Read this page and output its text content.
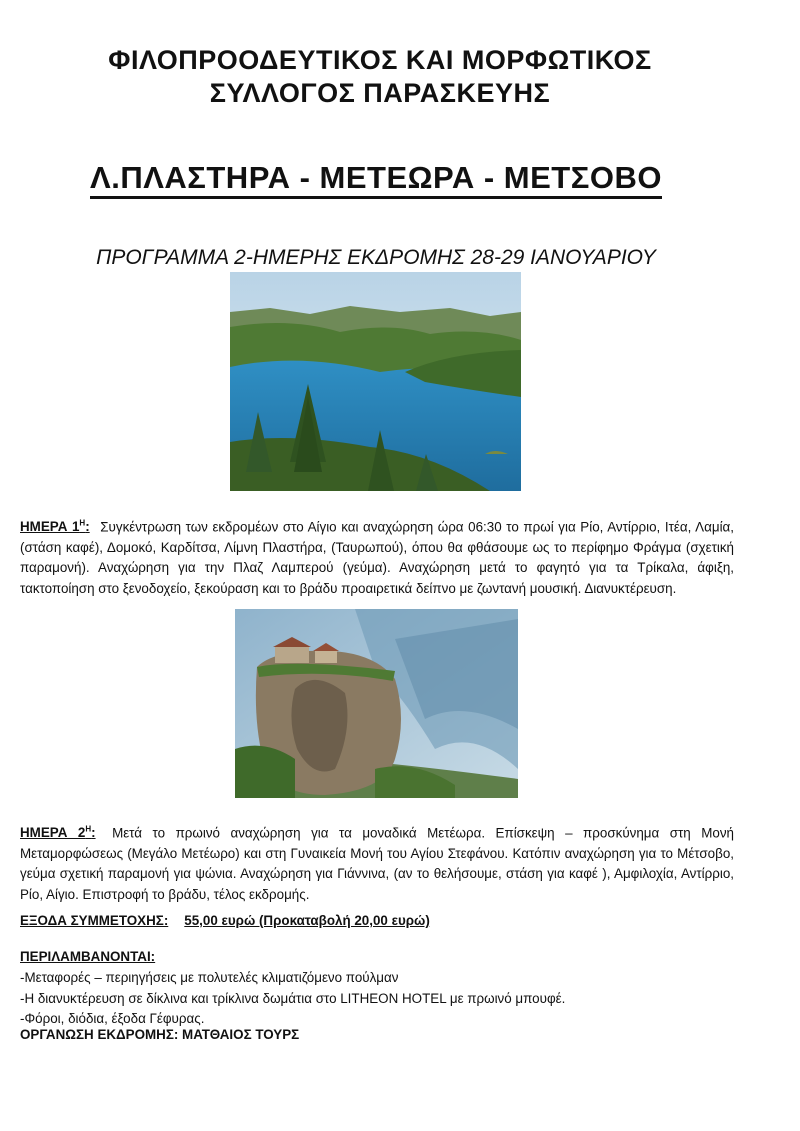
ΦΙΛΟΠΡΟΟΔΕΥΤΙΚΟΣ ΚΑΙ ΜΟΡΦΩΤΙΚΟΣ
ΣΥΛΛΟΓΟΣ ΠΑΡΑΣΚΕΥΗΣ
Λ.ΠΛΑΣΤΗΡΑ - ΜΕΤΕΩΡΑ - ΜΕΤΣΟΒΟ
ΠΡΟΓΡΑΜΜΑ 2-ΗΜΕΡΗΣ ΕΚΔΡΟΜΗΣ 28-29 ΙΑΝΟΥΑΡΙΟΥ
ΗΜΕΡΑ $1^H$: Συγκέντρωση των εκδρομέων στο Αίγιο και αναχώρηση ώρα 06:30 το πρωί για Ρίο, Αντίρριο, Ιτέα, Λαμία, (στάση καφέ), Δομοκό, Καρδίτσα, Λίμνη Πλαστήρα, (Ταυρωπού), όπου θα φθάσουμε ως το περίφημο Φράγμα (σχετική παραμονή). Αναχώρηση για την Πλαζ Λαμπερού (γεύμα). Αναχώρηση μετά το φαγητό για τα Τρίκαλα, άφιξη, τακτοποίηση στο ξενοδοχείο, ξεκούραση και το βράδυ προαιρετικά δείπνο με ζωντανή μουσική. Διανυκτέρευση.
ΗΜΕΡΑ $2^H$: Μετά το πρωινό αναχώρηση για τα μοναδικά Μετέωρα. Επίσκεψη – προσκύνημα στη Μονή Μεταμορφώσεως (Μεγάλο Μετέωρο) και στη Γυναικεία Μονή του Αγίου Στεφάνου. Κατόπιν αναχώρηση για το Μέτσοβο, γεύμα σχετική παραμονή για ψώνια. Αναχώρηση για Γιάννινα, (αν το θελήσουμε, στάση για καφέ ), Αμφιλοχία, Αντίρριο, Ρίο, Αίγιο. Επιστροφή το βράδυ, τέλος εκδρομής.
ΕΞΟΔΑ ΣΥΜΜΕΤΟΧΗΣ: 55,00 ευρώ (Προκαταβολή 20,00 ευρώ)
ΠΕΡΙΛΑΜΒΑΝΟΝΤΑΙ:
-Μεταφορές – περιηγήσεις με πολυτελές κλιματιζόμενο πούλμαν
-Η διανυκτέρευση σε δίκλινα και τρίκλινα δωμάτια στο LITHEON HOTEL με πρωινό μπουφέ.
-Φόροι, διόδια, έξοδα Γέφυρας.
ΟΡΓΑΝΩΣΗ ΕΚΔΡΟΜΗΣ: ΜΑΤΘΑΙΟΣ ΤΟΥΡΣ
